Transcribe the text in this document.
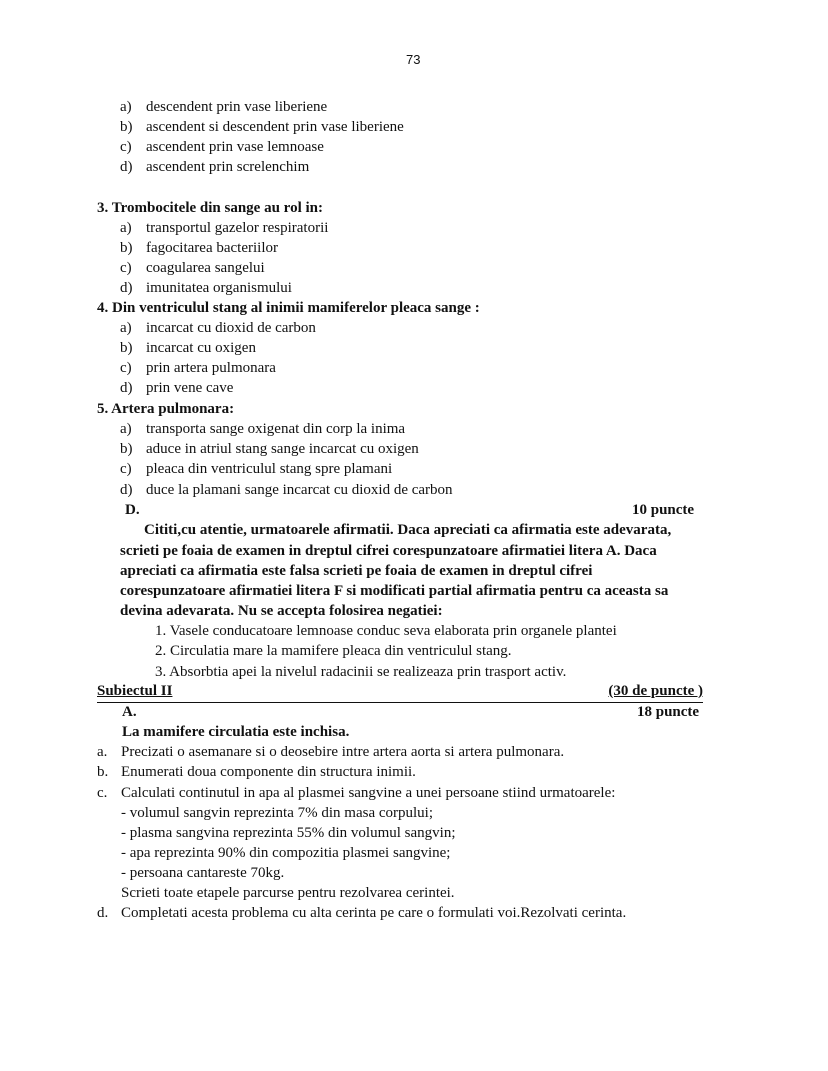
73
a) descendent prin vase liberiene
b) ascendent si descendent prin vase liberiene
c) ascendent prin vase lemnoase
d) ascendent prin screlenchim
3. Trombocitele din sange au rol in:
a) transportul gazelor respiratorii
b) fagocitarea bacteriilor
c) coagularea sangelui
d) imunitatea organismului
4. Din ventriculul stang al inimii mamiferelor pleaca sange :
a) incarcat cu dioxid de carbon
b) incarcat cu oxigen
c) prin artera pulmonara
d) prin vene cave
5. Artera pulmonara:
a) transporta sange oxigenat din corp la inima
b) aduce in atriul stang sange incarcat cu oxigen
c) pleaca din ventriculul stang spre plamani
d) duce la plamani sange incarcat cu dioxid de carbon
D.	10 puncte
Cititi,cu atentie, urmatoarele afirmatii. Daca apreciati ca afirmatia este adevarata,
scrieti pe foaia de examen in dreptul cifrei corespunzatoare afirmatiei litera A. Daca
apreciati ca afirmatia este falsa scrieti pe foaia de examen in dreptul cifrei
corespunzatoare afirmatiei litera F si modificati partial afirmatia pentru ca aceasta sa
devina adevarata. Nu se accepta folosirea negatiei:
1. Vasele conducatoare lemnoase conduc seva elaborata prin organele plantei
2. Circulatia mare la mamifere pleaca din ventriculul stang.
3. Absorbtia apei la nivelul radacinii se realizeaza prin trasport activ.
Subiectul II	(30 de puncte )
A.	18 puncte
La mamifere circulatia este inchisa.
a. Precizati o asemanare si o deosebire intre artera aorta si artera pulmonara.
b. Enumerati doua componente din structura inimii.
c. Calculati continutul in apa al plasmei sangvine a unei persoane stiind urmatoarele:
- volumul sangvin reprezinta 7% din masa corpului;
- plasma sangvina reprezinta 55% din volumul sangvin;
- apa reprezinta 90% din compozitia plasmei sangvine;
- persoana cantareste 70kg.
Scrieti toate etapele parcurse pentru rezolvarea cerintei.
d. Completati acesta problema cu alta cerinta pe care o formulati voi.Rezolvati cerinta.
